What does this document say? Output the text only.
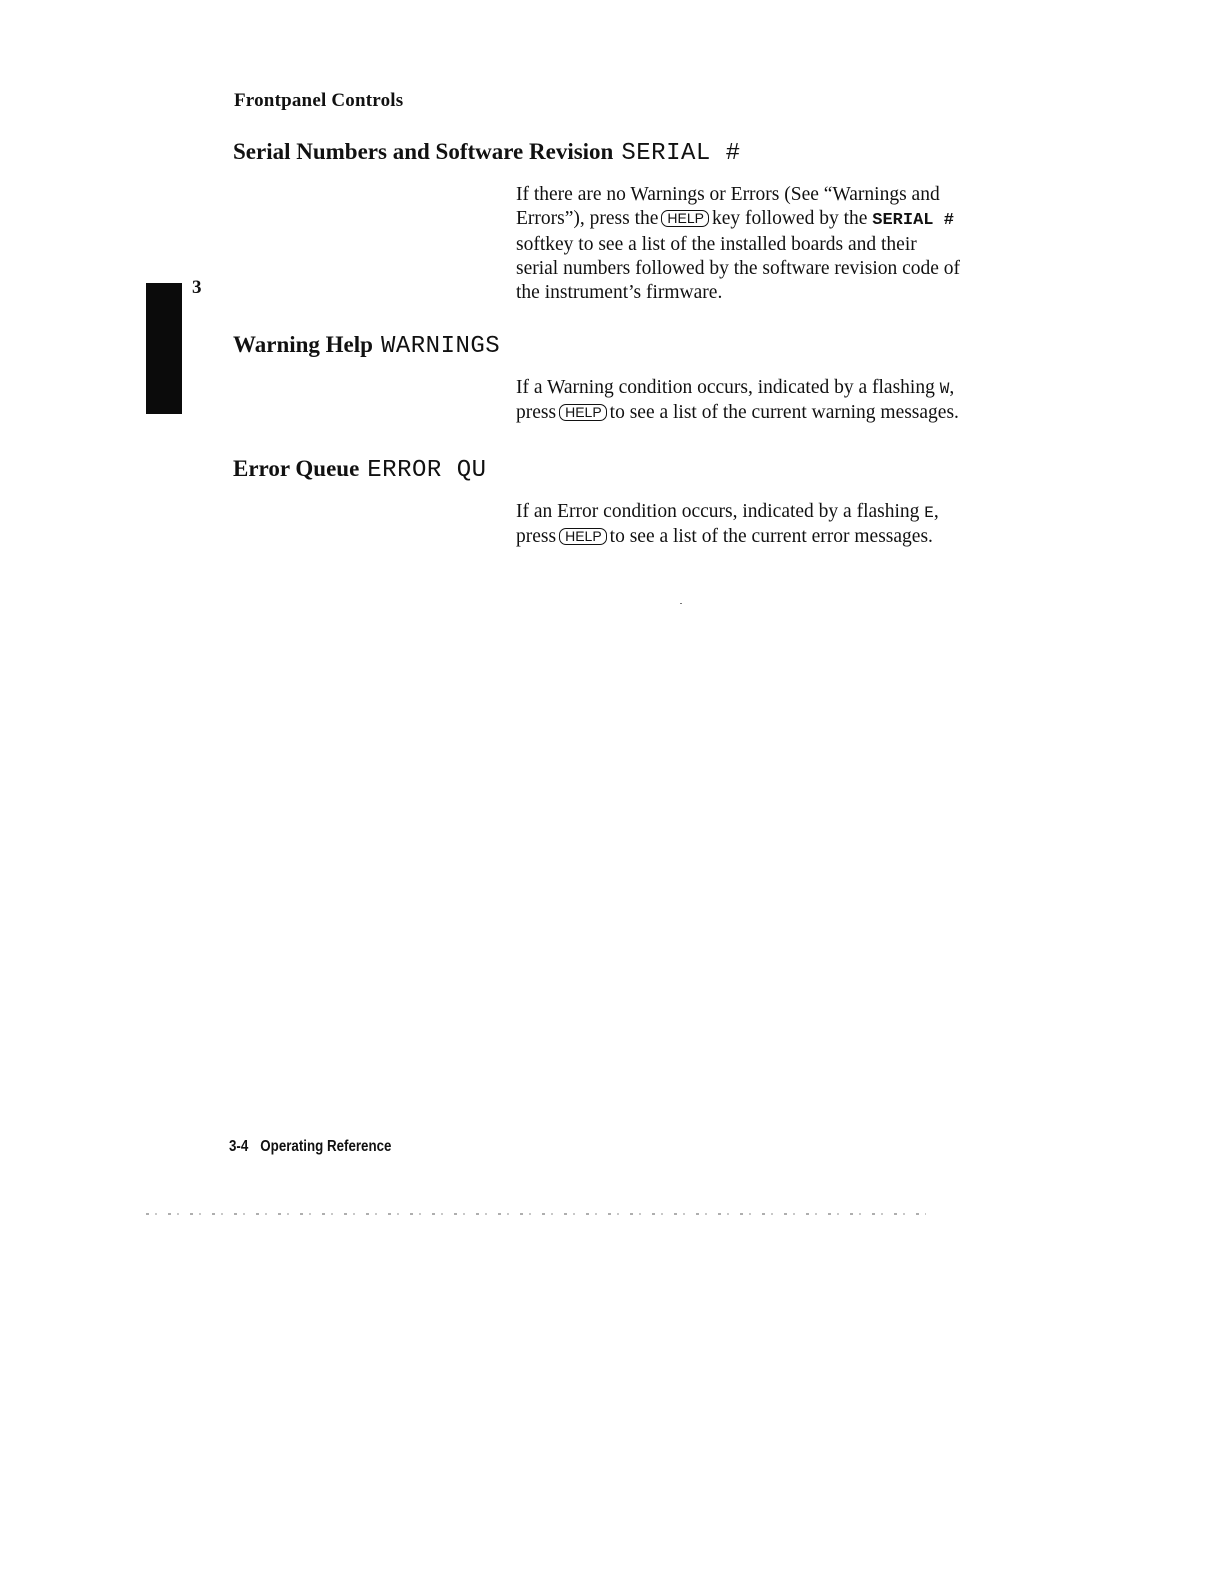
Frontpanel Controls
3
Serial Numbers and Software Revision SERIAL #
If there are no Warnings or Errors (See “Warnings and
Errors”), press the HELP key followed by the SERIAL #
softkey to see a list of the installed boards and their
serial numbers followed by the software revision code of
the instrument’s firmware.
Warning Help WARNINGS
If a Warning condition occurs, indicated by a flashing W,
press HELP to see a list of the current warning messages.
Error Queue ERROR QU
If an Error condition occurs, indicated by a flashing E,
press HELP to see a list of the current error messages.
3-4 Operating Reference
